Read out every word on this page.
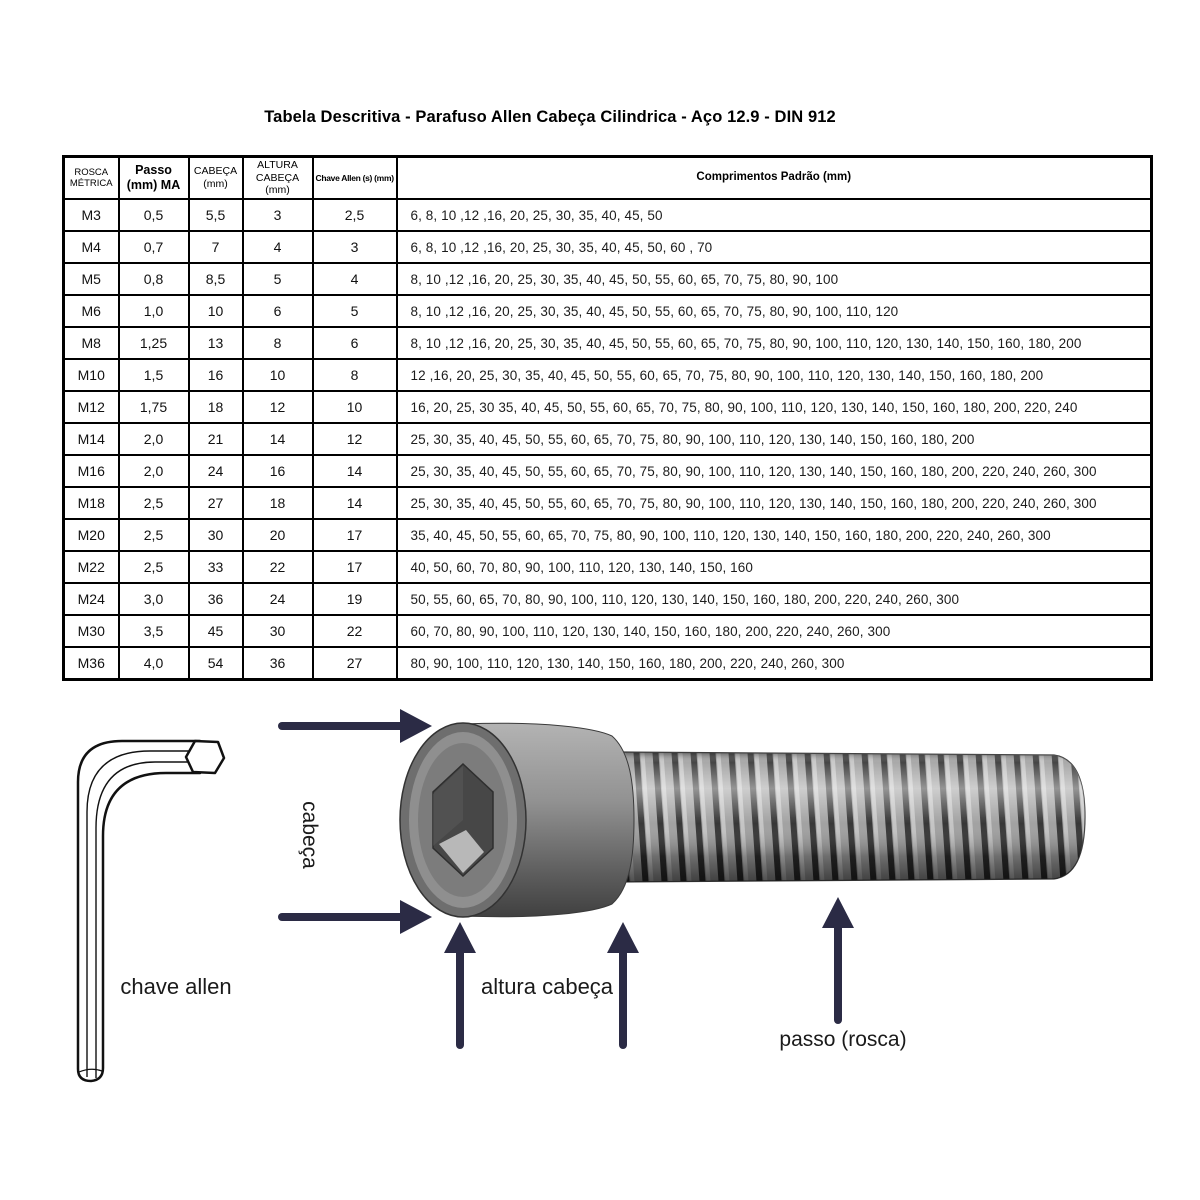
Tabela Descritiva - Parafuso Allen Cabeça Cilindrica - Aço 12.9 - DIN 912
ROSCA MÉTRICA	Passo (mm) MA	CABEÇA (mm)	ALTURA CABEÇA (mm)	Chave Allen (s) (mm)	Comprimentos Padrão (mm)
M3	0,5	5,5	3	2,5	6, 8, 10 ,12 ,16, 20, 25, 30, 35, 40, 45, 50
M4	0,7	7	4	3	6, 8, 10 ,12 ,16, 20, 25, 30, 35, 40, 45, 50, 60 , 70
M5	0,8	8,5	5	4	8, 10 ,12 ,16, 20, 25, 30, 35, 40, 45, 50, 55, 60, 65, 70, 75, 80, 90, 100
M6	1,0	10	6	5	8, 10 ,12 ,16, 20, 25, 30, 35, 40, 45, 50, 55, 60, 65, 70, 75, 80, 90, 100, 110, 120
M8	1,25	13	8	6	8, 10 ,12 ,16, 20, 25, 30, 35, 40, 45, 50, 55, 60, 65, 70, 75, 80, 90, 100, 110, 120, 130, 140, 150, 160, 180, 200
M10	1,5	16	10	8	12 ,16, 20, 25, 30, 35, 40, 45, 50, 55, 60, 65, 70, 75, 80, 90, 100, 110, 120, 130, 140, 150, 160, 180, 200
M12	1,75	18	12	10	16, 20, 25, 30 35, 40, 45, 50, 55, 60, 65, 70, 75, 80, 90, 100, 110, 120, 130, 140, 150, 160, 180, 200, 220, 240
M14	2,0	21	14	12	25, 30, 35, 40, 45, 50, 55, 60, 65, 70, 75, 80, 90, 100, 110, 120, 130, 140, 150, 160, 180, 200
M16	2,0	24	16	14	25, 30, 35, 40, 45, 50, 55, 60, 65, 70, 75, 80, 90, 100, 110, 120, 130, 140, 150, 160, 180, 200, 220, 240, 260, 300
M18	2,5	27	18	14	25, 30, 35, 40, 45, 50, 55, 60, 65, 70, 75, 80, 90, 100, 110, 120, 130, 140, 150, 160, 180, 200, 220, 240, 260, 300
M20	2,5	30	20	17	35, 40, 45, 50, 55, 60, 65, 70, 75, 80, 90, 100, 110, 120, 130, 140, 150, 160, 180, 200, 220, 240, 260, 300
M22	2,5	33	22	17	40, 50, 60, 70, 80, 90, 100, 110, 120, 130, 140, 150, 160
M24	3,0	36	24	19	50, 55, 60, 65, 70, 80, 90, 100, 110, 120, 130, 140, 150, 160, 180, 200, 220, 240, 260, 300
M30	3,5	45	30	22	60, 70, 80, 90, 100, 110, 120, 130, 140, 150, 160, 180, 200, 220, 240, 260, 300
M36	4,0	54	36	27	80, 90, 100, 110, 120, 130, 140, 150, 160, 180, 200, 220, 240, 260, 300
cabeça
chave allen	altura cabeça
passo (rosca)
